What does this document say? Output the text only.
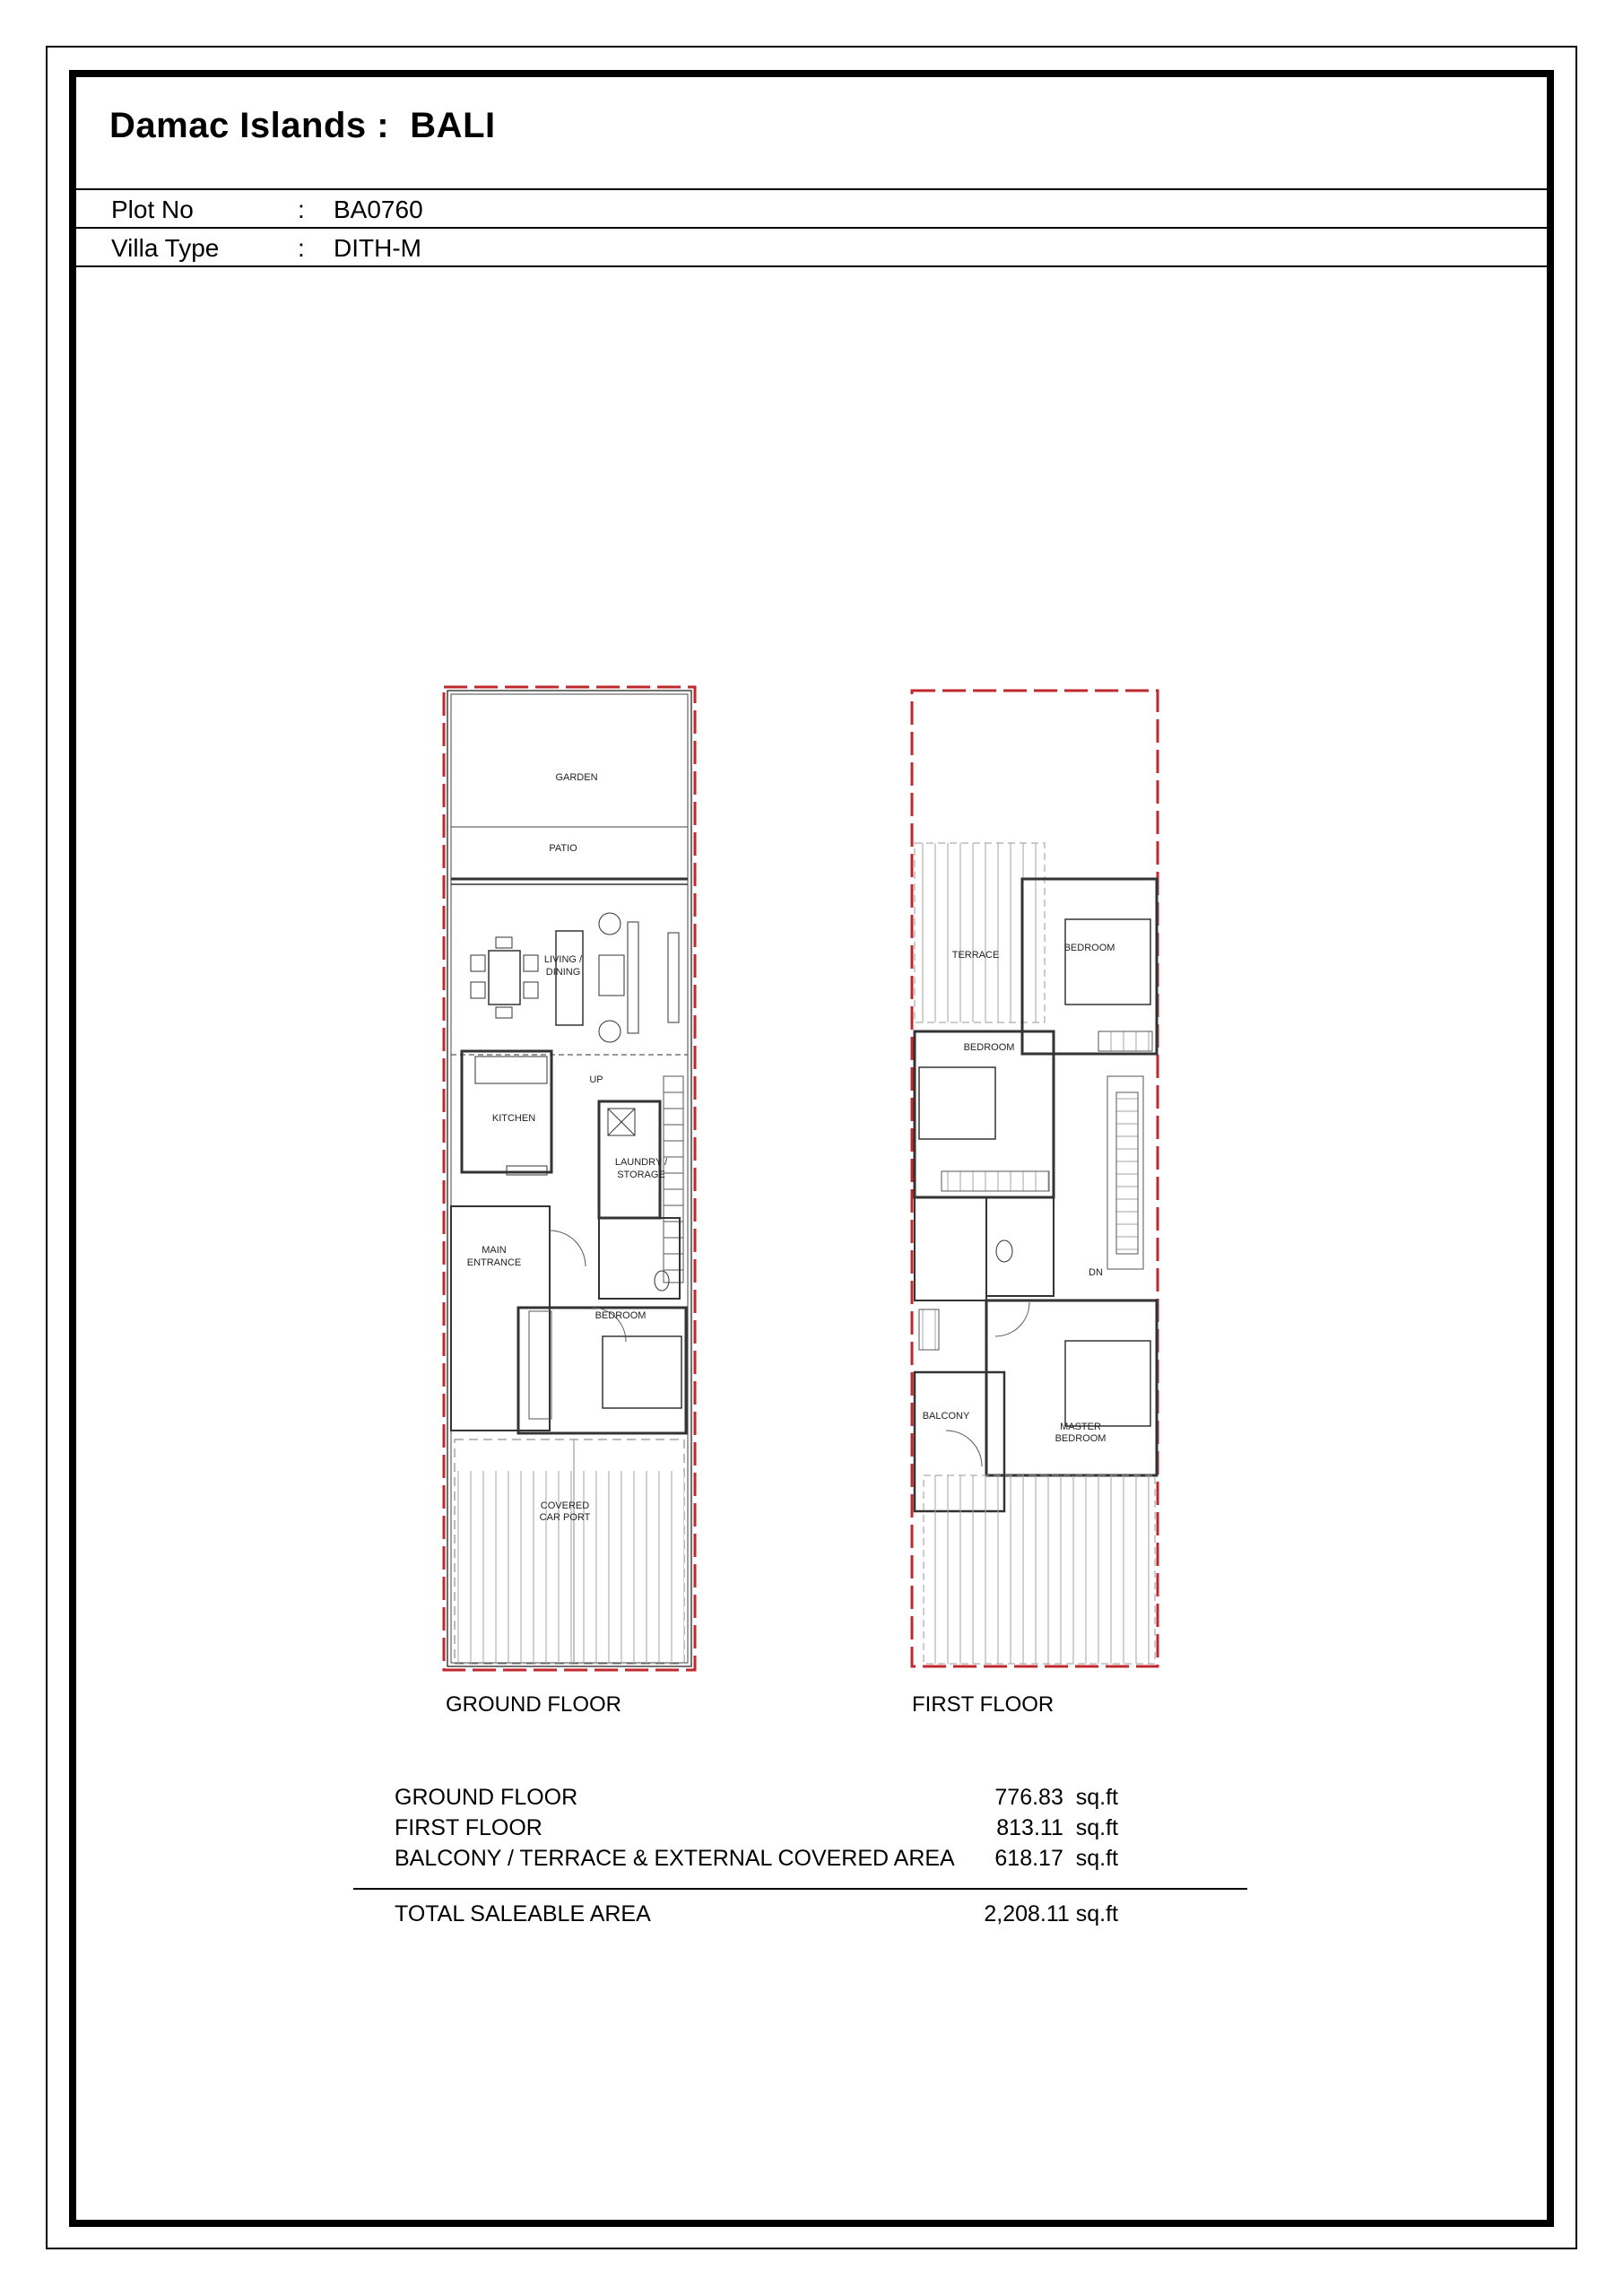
Damac Islands :  BALI
Plot No	: BA0760
Villa Type	: DITH-M
GARDEN
PATIO
LIVING /
DINING
KITCHEN
UP
LAUNDRY /
STORAGE
MAIN
ENTRANCE
BEDROOM
COVERED
CAR PORT
TERRACE
BEDROOM
BEDROOM
DN
BALCONY
MASTER
BEDROOM
GROUND FLOOR	FIRST FLOOR
GROUND FLOOR	776.83  sq.ft
FIRST FLOOR	813.11  sq.ft
BALCONY / TERRACE & EXTERNAL COVERED AREA 618.17  sq.ft
TOTAL SALEABLE AREA	2,208.11 sq.ft
